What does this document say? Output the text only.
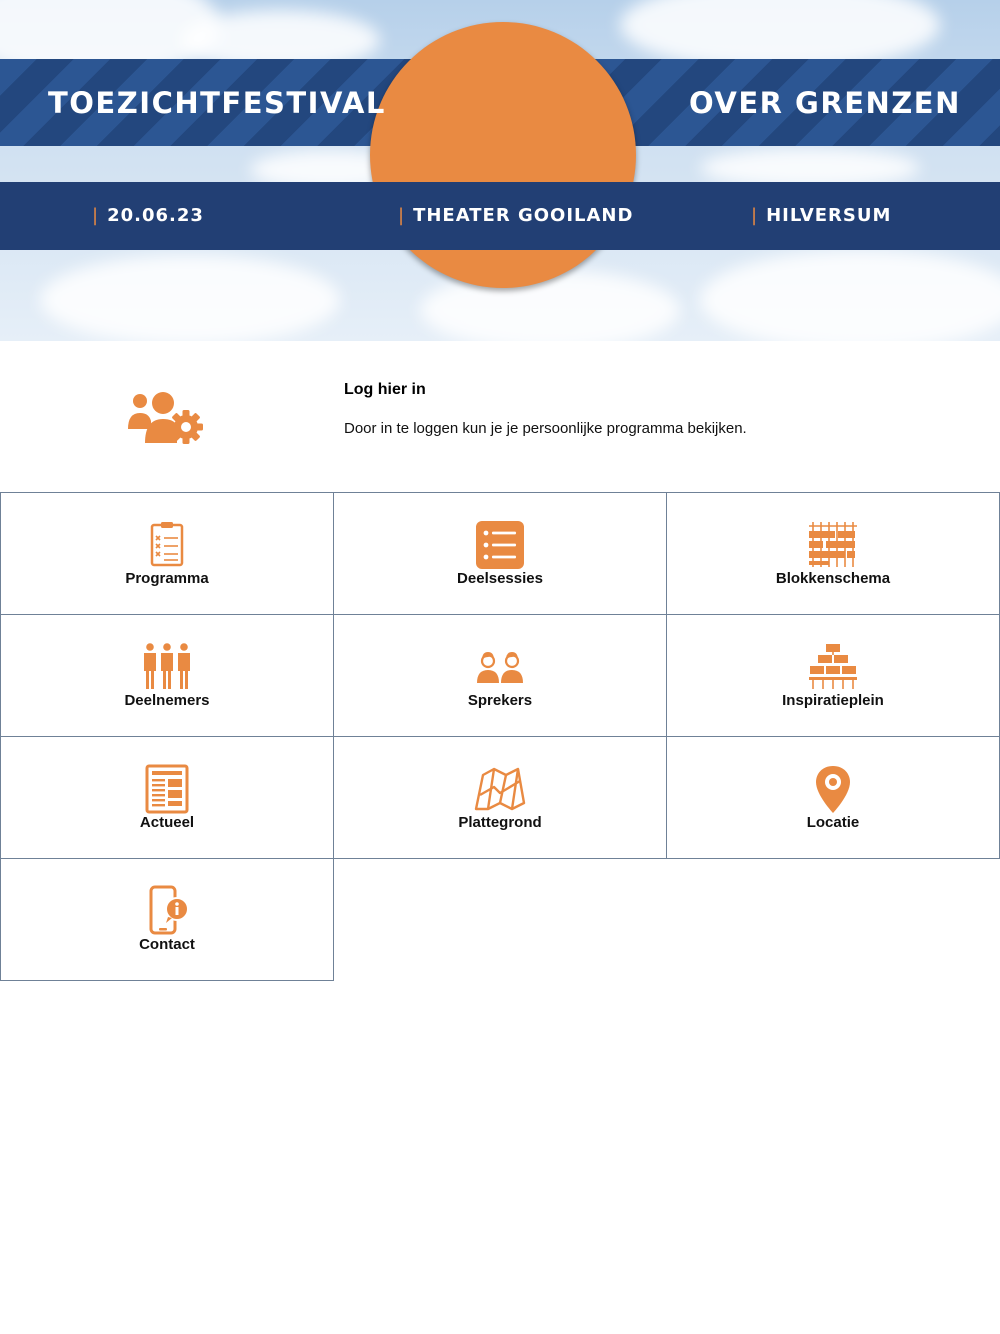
TOEZICHTFESTIVAL	OVER GRENZEN
| 20.06.23	| THEATER GOOILAND	| HILVERSUM
Log hier in
Door in te loggen kun je je persoonlijke programma bekijken.
Programma	Deelsessies	Blokkenschema
Deelnemers	Sprekers	Inspiratieplein
Actueel	Plattegrond	Locatie
Contact
